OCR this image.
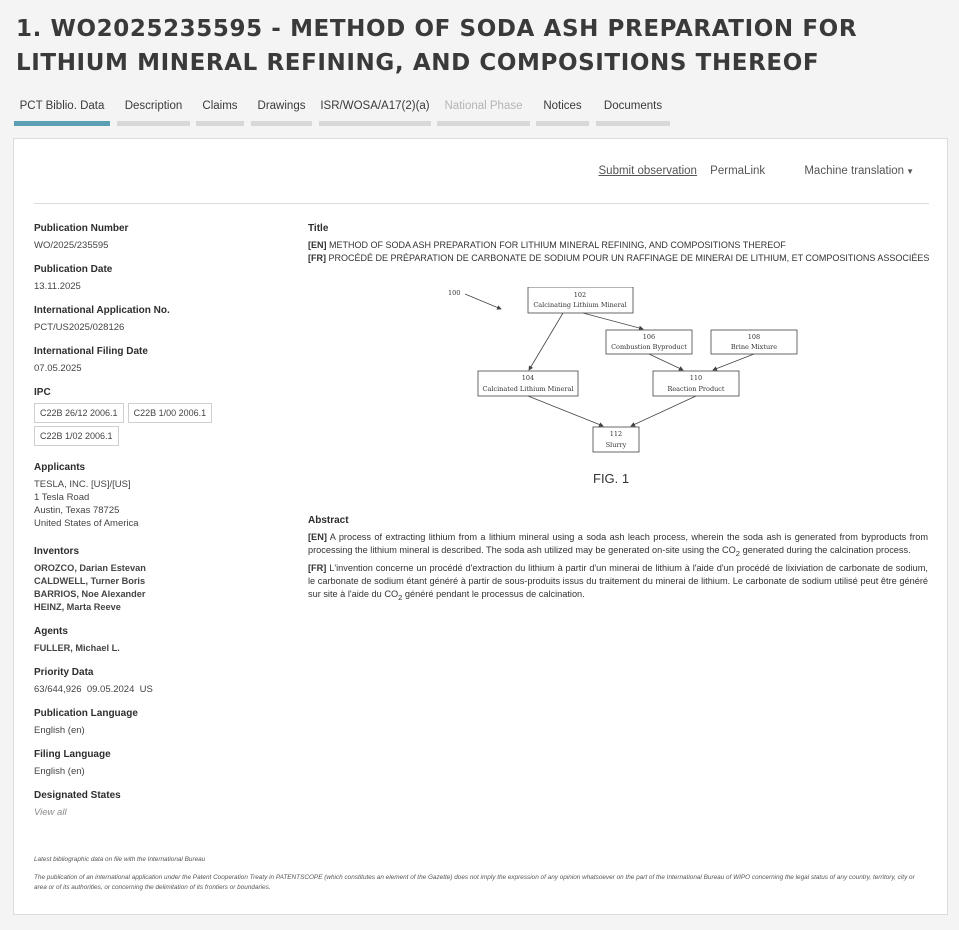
1. WO2025235595 - METHOD OF SODA ASH PREPARATION FOR LITHIUM MINERAL REFINING, AND COMPOSITIONS THEREOF
PCT Biblio. Data	Description	Claims	Drawings	ISR/WOSA/A17(2)(a)	National Phase	Notices	Documents
Submit observation PermaLink	Machine translation ▼
Publication Number
WO/2025/235595
Publication Date
13.11.2025
International Application No.
PCT/US2025/028126
International Filing Date
07.05.2025
IPC
C22B 26/12 2006.1	C22B 1/00 2006.1
C22B 1/02 2006.1
Applicants
TESLA, INC. [US]/[US]
1 Tesla Road
Austin, Texas 78725
United States of America
Inventors
OROZCO, Darian Estevan
CALDWELL, Turner Boris
BARRIOS, Noe Alexander
HEINZ, Marta Reeve
Agents
FULLER, Michael L.
Priority Data
63/644,926 09.05.2024 US
Publication Language
English (en)
Filing Language
English (en)
Designated States
View all
Title
[EN] METHOD OF SODA ASH PREPARATION FOR LITHIUM MINERAL REFINING, AND COMPOSITIONS THEREOF
[FR] PROCÉDÉ DE PRÉPARATION DE CARBONATE DE SODIUM POUR UN RAFFINAGE DE MINERAI DE LITHIUM, ET COMPOSITIONS ASSOCIÉES
100	102
Calcinating Lithium Mineral
106
Combustion Byproduct
108
Brine Mixture
104
Calcinated Lithium Mineral
110
Reaction Product
112
Slurry
FIG. 1
Abstract

[EN] A process of extracting lithium from a lithium mineral using a soda ash leach process, wherein the soda ash is generated from byproducts from processing the lithium mineral is described. The soda ash utilized may be generated on-site using the $CO_2$ generated during the calcination process.

[FR] L'invention concerne un procédé d'extraction du lithium à partir d'un minerai de lithium à l'aide d'un procédé de lixiviation de carbonate de sodium, le carbonate de sodium étant généré à partir de sous-produits issus du traitement du minerai de lithium. Le carbonate de sodium utilisé peut être généré sur site à l'aide du $CO_2$ généré pendant le processus de calcination.

Latest bibliographic data on file with the International Bureau
The publication of an international application under the Patent Cooperation Treaty in PATENTSCOPE (which constitutes an element of the Gazette) does not imply the expression of any opinion whatsoever on the part of the International Bureau of WIPO concerning the legal status of any country, territory, city or area or of its authorities, or concerning the delimitation of its frontiers or boundaries.
